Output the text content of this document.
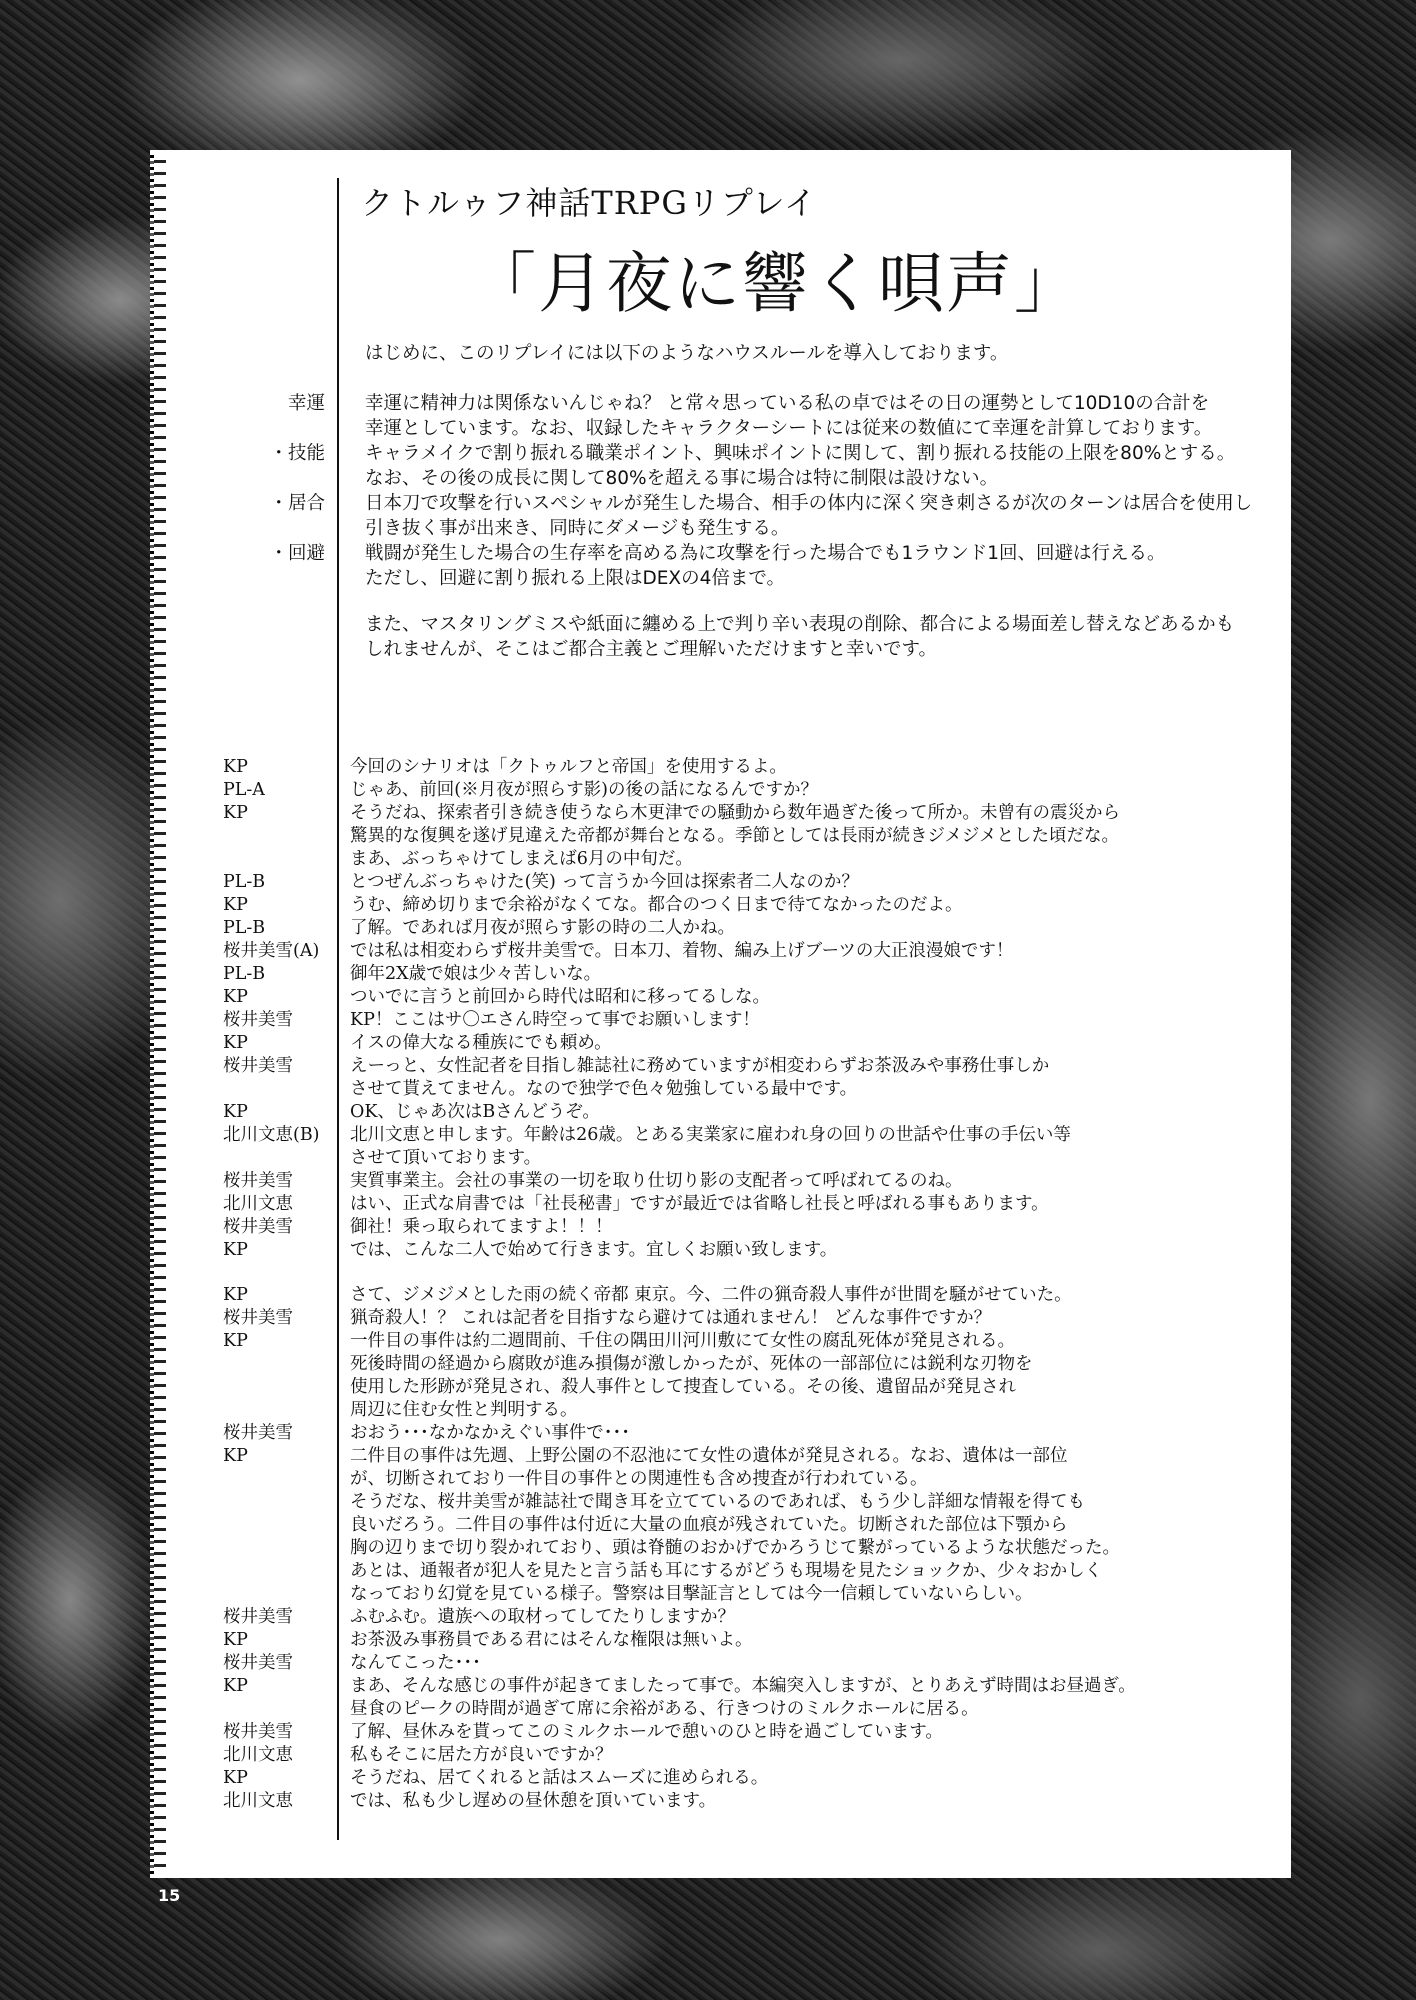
クトルゥフ神話TRPGリプレイ
「月夜に響く唄声」
はじめに、このリプレイには以下のようなハウスルールを導入しております。
幸運	幸運に精神力は関係ないんじゃね？ と常々思っている私の卓ではその日の運勢として10D10の合計を
幸運としています。なお、収録したキャラクターシートには従来の数値にて幸運を計算しております。
・技能	キャラメイクで割り振れる職業ポイント、興味ポイントに関して、割り振れる技能の上限を80%とする。
なお、その後の成長に関して80%を超える事に場合は特に制限は設けない。
・居合	日本刀で攻撃を行いスペシャルが発生した場合、相手の体内に深く突き刺さるが次のターンは居合を使用し
引き抜く事が出来き、同時にダメージも発生する。
・回避	戦闘が発生した場合の生存率を高める為に攻撃を行った場合でも1ラウンド1回、回避は行える。
ただし、回避に割り振れる上限はDEXの4倍まで。
また、マスタリングミスや紙面に纏める上で判り辛い表現の削除、都合による場面差し替えなどあるかも
しれませんが、そこはご都合主義とご理解いただけますと幸いです。
KP	今回のシナリオは「クトゥルフと帝国」を使用するよ。
PL-A	じゃあ、前回(※月夜が照らす影)の後の話になるんですか？
KP	そうだね、探索者引き続き使うなら木更津での騒動から数年過ぎた後って所か。未曾有の震災から
驚異的な復興を遂げ見違えた帝都が舞台となる。季節としては長雨が続きジメジメとした頃だな。
まあ、ぶっちゃけてしまえば6月の中旬だ。
PL-B	とつぜんぶっちゃけた(笑) って言うか今回は探索者二人なのか？
KP	うむ、締め切りまで余裕がなくてな。都合のつく日まで待てなかったのだよ。
PL-B	了解。であれば月夜が照らす影の時の二人かね。
桜井美雪(A)	では私は相変わらず桜井美雪で。日本刀、着物、編み上げブーツの大正浪漫娘です！
PL-B	御年2X歳で娘は少々苦しいな。
KP	ついでに言うと前回から時代は昭和に移ってるしな。
桜井美雪	KP！ここはサ〇エさん時空って事でお願いします！
KP	イスの偉大なる種族にでも頼め。
桜井美雪	えーっと、女性記者を目指し雑誌社に務めていますが相変わらずお茶汲みや事務仕事しか
させて貰えてません。なので独学で色々勉強している最中です。
KP	OK、じゃあ次はBさんどうぞ。
北川文恵(B)	北川文恵と申します。年齢は26歳。とある実業家に雇われ身の回りの世話や仕事の手伝い等
させて頂いております。
桜井美雪	実質事業主。会社の事業の一切を取り仕切り影の支配者って呼ばれてるのね。
北川文恵	はい、正式な肩書では「社長秘書」ですが最近では省略し社長と呼ばれる事もあります。
桜井美雪	御社！乗っ取られてますよ！！！
KP	では、こんな二人で始めて行きます。宜しくお願い致します。
KP	さて、ジメジメとした雨の続く帝都 東京。今、二件の猟奇殺人事件が世間を騒がせていた。
桜井美雪	猟奇殺人！？ これは記者を目指すなら避けては通れません！ どんな事件ですか？
KP	一件目の事件は約二週間前、千住の隅田川河川敷にて女性の腐乱死体が発見される。
死後時間の経過から腐敗が進み損傷が激しかったが、死体の一部部位には鋭利な刃物を
使用した形跡が発見され、殺人事件として捜査している。その後、遺留品が発見され
周辺に住む女性と判明する。
桜井美雪	おおう･･･なかなかえぐい事件で･･･
KP	二件目の事件は先週、上野公園の不忍池にて女性の遺体が発見される。なお、遺体は一部位
が、切断されており一件目の事件との関連性も含め捜査が行われている。
そうだな、桜井美雪が雑誌社で聞き耳を立てているのであれば、もう少し詳細な情報を得ても
良いだろう。二件目の事件は付近に大量の血痕が残されていた。切断された部位は下顎から
胸の辺りまで切り裂かれており、頭は脊髄のおかげでかろうじて繋がっているような状態だった。
あとは、通報者が犯人を見たと言う話も耳にするがどうも現場を見たショックか、少々おかしく
なっており幻覚を見ている様子。警察は目撃証言としては今一信頼していないらしい。
桜井美雪	ふむふむ。遺族への取材ってしてたりしますか？
KP	お茶汲み事務員である君にはそんな権限は無いよ。
桜井美雪	なんてこった･･･
KP	まあ、そんな感じの事件が起きてましたって事で。本編突入しますが、とりあえず時間はお昼過ぎ。
昼食のピークの時間が過ぎて席に余裕がある、行きつけのミルクホールに居る。
桜井美雪	了解、昼休みを貰ってこのミルクホールで憩いのひと時を過ごしています。
北川文恵	私もそこに居た方が良いですか？
KP	そうだね、居てくれると話はスムーズに進められる。
北川文恵	では、私も少し遅めの昼休憩を頂いています。
15
